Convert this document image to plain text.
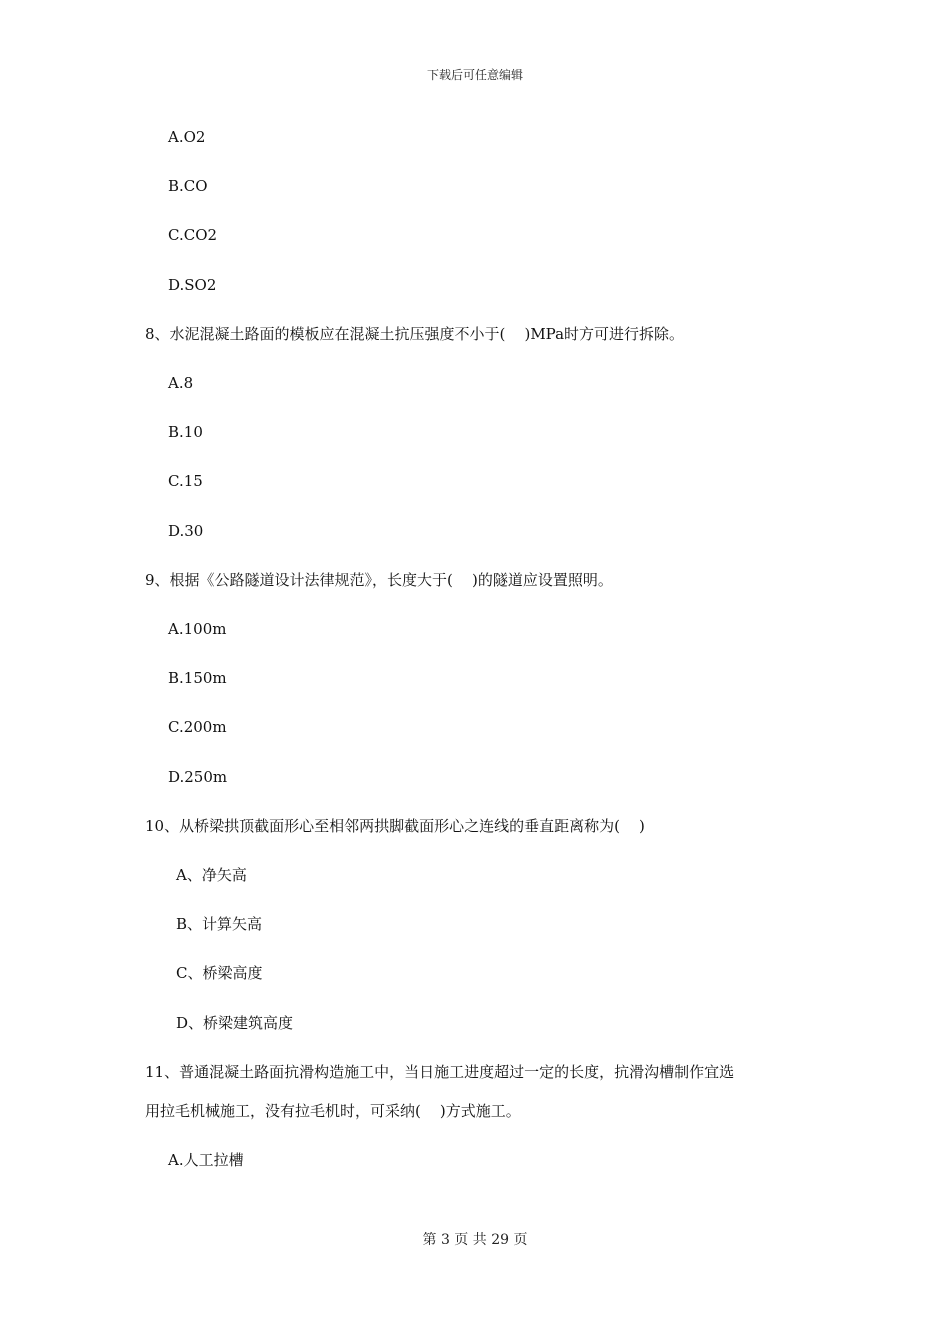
下载后可任意编辑
A.O2
B.CO
C.CO2
D.SO2
8、水泥混凝土路面的模板应在混凝土抗压强度不小于(    )MPa时方可进行拆除。
A.8
B.10
C.15
D.30
9、根据《公路隧道设计法律规范》，长度大于(    )的隧道应设置照明。
A.100m
B.150m
C.200m
D.250m
10、从桥梁拱顶截面形心至相邻两拱脚截面形心之连线的垂直距离称为(    )
A、净矢高
B、计算矢高
C、桥梁高度
D、桥梁建筑高度
11、普通混凝土路面抗滑构造施工中，当日施工进度超过一定的长度，抗滑沟槽制作宜选
用拉毛机械施工，没有拉毛机时，可采纳(    )方式施工。
A.人工拉槽
第 3 页 共 29 页
